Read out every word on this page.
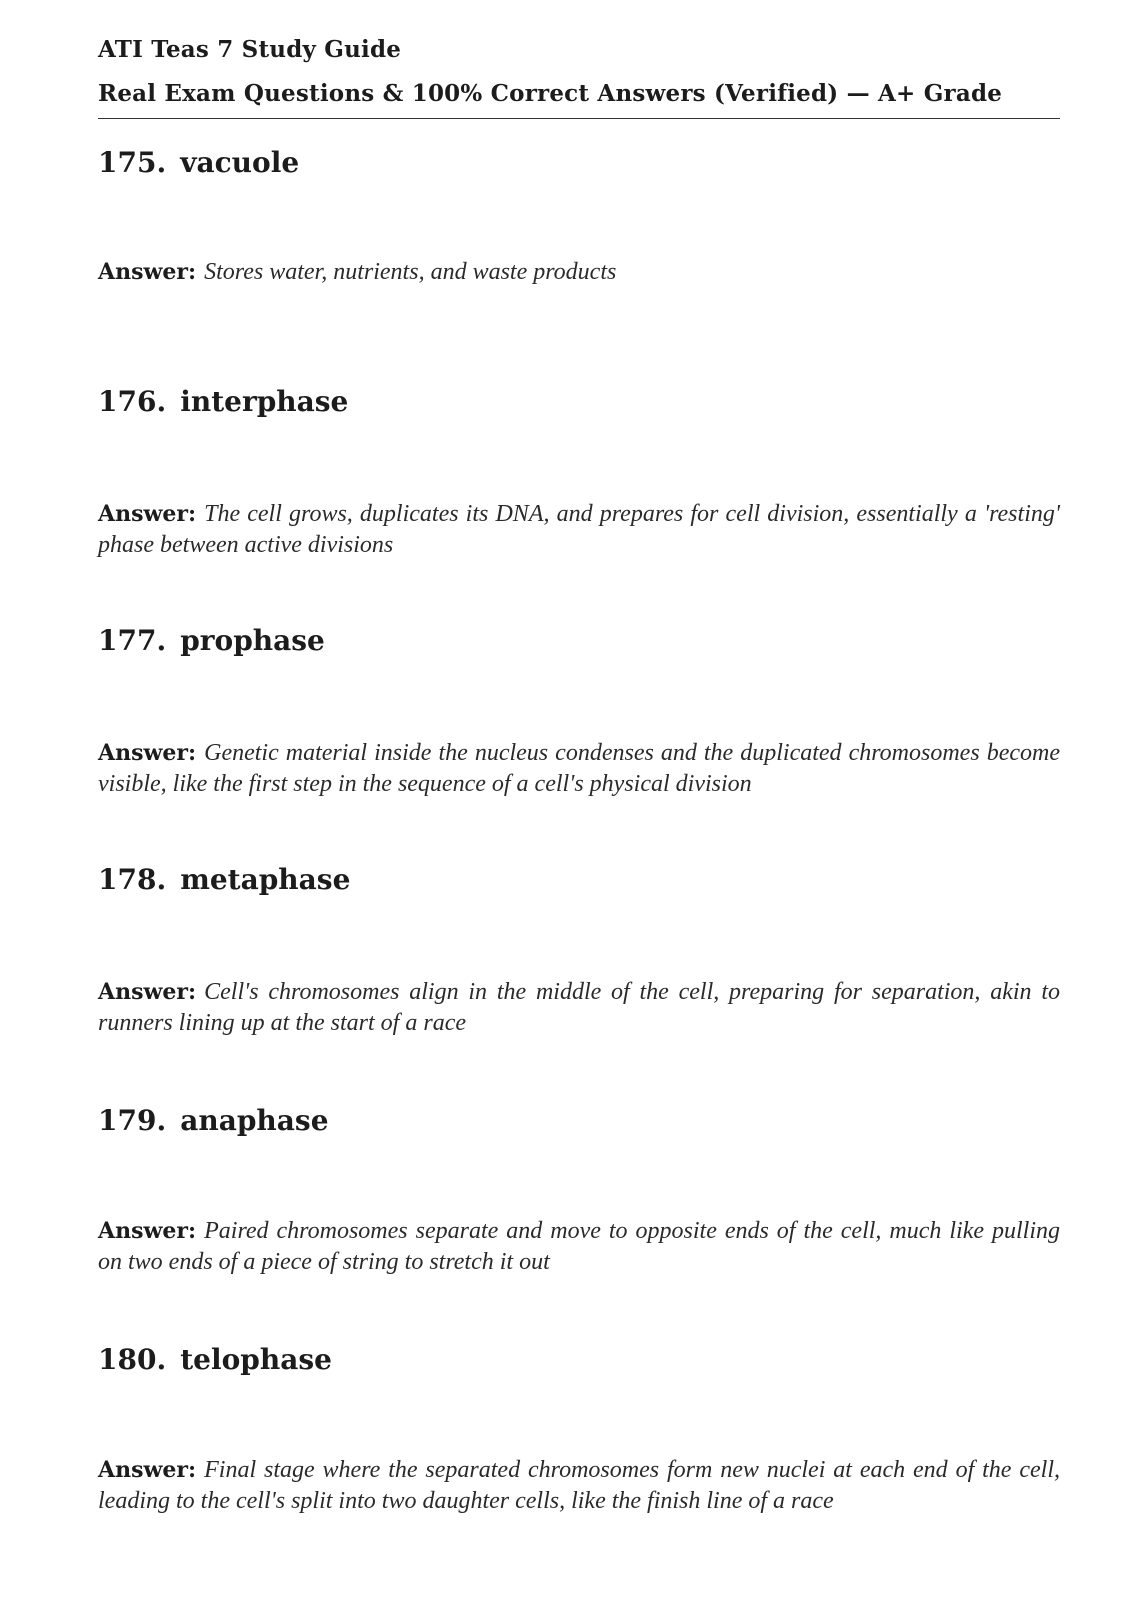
ATI Teas 7 Study Guide
Real Exam Questions & 100% Correct Answers (Verified) — A+ Grade
175. vacuole
Answer: Stores water, nutrients, and waste products
176. interphase
Answer: The cell grows, duplicates its DNA, and prepares for cell division, essentially a 'resting' phase between active divisions
177. prophase
Answer: Genetic material inside the nucleus condenses and the duplicated chromosomes become visible, like the first step in the sequence of a cell's physical division
178. metaphase
Answer: Cell's chromosomes align in the middle of the cell, preparing for separation, akin to runners lining up at the start of a race
179. anaphase
Answer: Paired chromosomes separate and move to opposite ends of the cell, much like pulling on two ends of a piece of string to stretch it out
180. telophase
Answer: Final stage where the separated chromosomes form new nuclei at each end of the cell, leading to the cell's split into two daughter cells, like the finish line of a race
